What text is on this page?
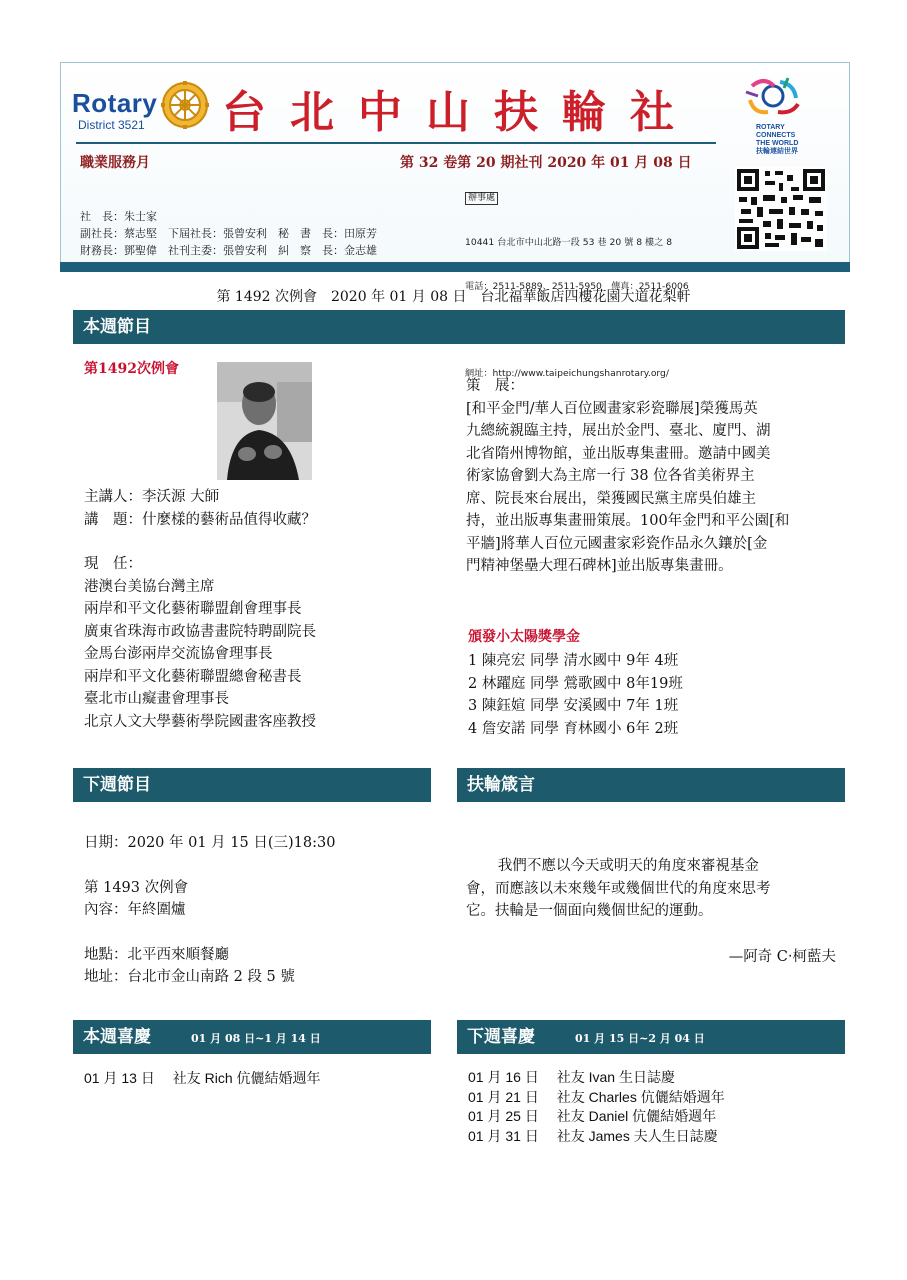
Rotary
District 3521 台北中山扶輪社	ROTARY
CONNECTS
THE WORLD
扶輪連結世界
職業服務月	第 32 卷第 20 期社刊 2020 年 01 月 08 日
社　長：朱士家
副社長：蔡志堅　下屆社長：張曾安利　秘　書　長：田原芳
財務長：鄧聖偉　社刊主委：張曾安利　糾　察　長：金志雄
辦事處

10441 台北市中山北路一段 53 巷 20 號 8 樓之 8

電話：2511-5889、2511-5950　傳真：2511-6006

網址：http://www.taipeichungshanrotary.org/

第 1492 次例會　2020 年 01 月 08 日　台北福華飯店四樓花園大道花梨軒
本週節目
第1492次例會
主講人：李沃源 大師
講　題：什麼樣的藝術品值得收藏？
現　任：
港澳台美協台灣主席
兩岸和平文化藝術聯盟創會理事長
廣東省珠海市政協書畫院特聘副院長
金馬台澎兩岸交流協會理事長
兩岸和平文化藝術聯盟總會秘書長
臺北市山癡畫會理事長
北京人文大學藝術學院國畫客座教授
策　展：
[和平金門/華人百位國畫家彩瓷聯展]榮獲馬英
九總統親臨主持，展出於金門、臺北、廈門、湖
北省隋州博物館，並出版專集畫冊。邀請中國美
術家協會劉大為主席一行 38 位各省美術界主
席、院長來台展出，榮獲國民黨主席吳伯雄主
持，並出版專集畫冊策展。100年金門和平公園[和
平牆]將華人百位元國畫家彩瓷作品永久鑲於[金
門精神堡壘大理石碑林]並出版專集畫冊。
頒發小太陽獎學金
1 陳亮宏 同學 清水國中 9年 4班
2 林躍庭 同學 鶯歌國中 8年19班
3 陳鈺媗 同學 安溪國中 7年 1班
4 詹安諾 同學 育林國小 6年 2班
下週節目	扶輪箴言
日期：2020 年 01 月 15 日(三)18:30
第 1493 次例會
內容：年終圍爐
地點：北平西來順餐廳
地址：台北市金山南路 2 段 5 號
我們不應以今天或明天的角度來審視基金
會，而應該以未來幾年或幾個世代的角度來思考
它。扶輪是一個面向幾個世紀的運動。
—阿奇 C‧柯藍夫
本週喜慶	01 月 08 日~1 月 14 日	下週喜慶	01 月 15 日~2 月 04 日
01 月 13 日　 社友 Rich 伉儷結婚週年	01 月 16 日　 社友 Ivan 生日誌慶
01 月 21 日　 社友 Charles 伉儷結婚週年
01 月 25 日　 社友 Daniel 伉儷結婚週年
01 月 31 日　 社友 James 夫人生日誌慶
